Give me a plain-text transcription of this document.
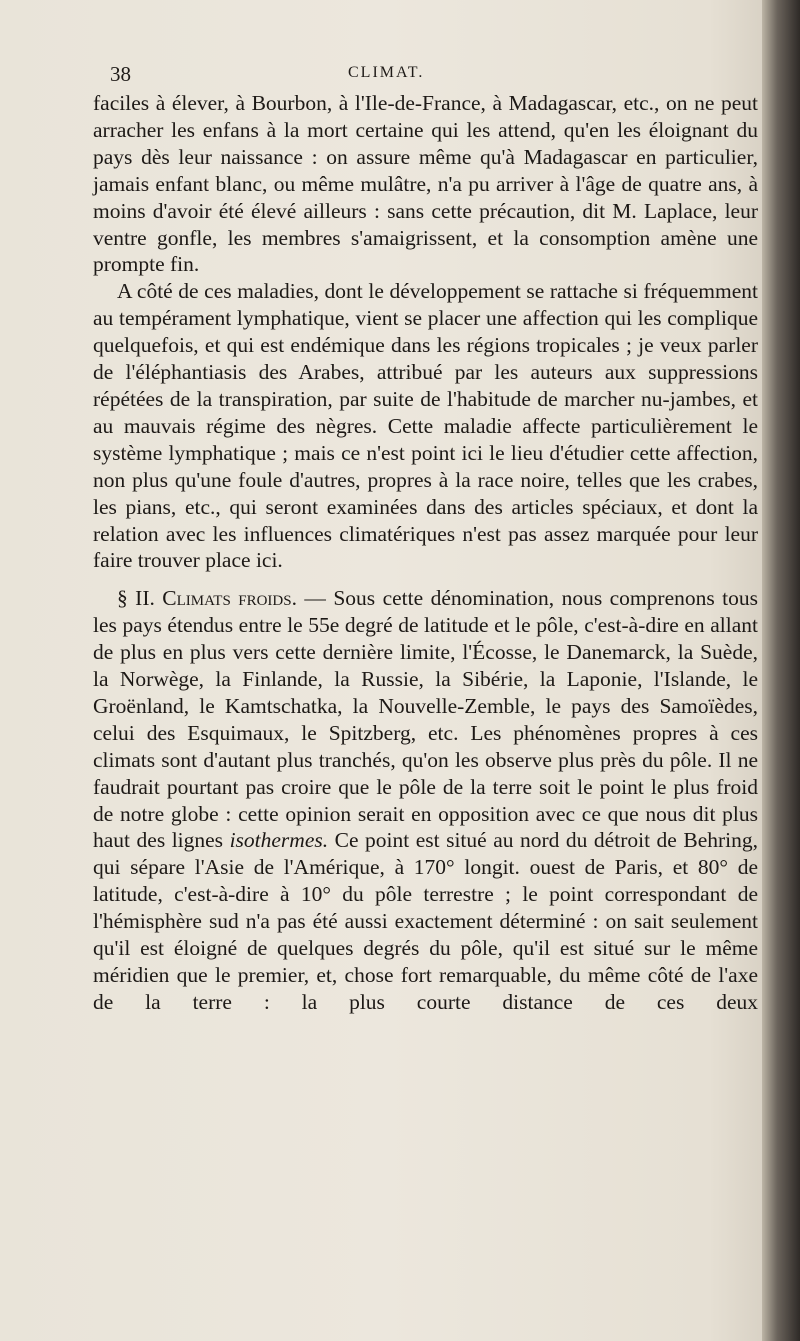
38	CLIMAT.

faciles à élever, à Bourbon, à l'Ile-de-France, à Madagascar, etc., on ne peut arracher les enfans à la mort certaine qui les attend, qu'en les éloignant du pays dès leur naissance : on assure même qu'à Madagascar en particulier, jamais enfant blanc, ou même mulâtre, n'a pu arriver à l'âge de quatre ans, à moins d'avoir été élevé ailleurs : sans cette précaution, dit M. Laplace, leur ventre gonfle, les membres s'amaigrissent, et la consomption amène une prompte fin.

A côté de ces maladies, dont le développement se rattache si fréquemment au tempérament lymphatique, vient se placer une affection qui les complique quelquefois, et qui est endémique dans les régions tropicales ; je veux parler de l'éléphantiasis des Arabes, attribué par les auteurs aux suppressions répétées de la transpiration, par suite de l'habitude de marcher nu-jambes, et au mauvais régime des nègres. Cette maladie affecte particulièrement le système lymphatique ; mais ce n'est point ici le lieu d'étudier cette affection, non plus qu'une foule d'autres, propres à la race noire, telles que les crabes, les pians, etc., qui seront examinées dans des articles spéciaux, et dont la relation avec les influences climatériques n'est pas assez marquée pour leur faire trouver place ici.

§ II. Climats froids. — Sous cette dénomination, nous comprenons tous les pays étendus entre le 55e degré de latitude et le pôle, c'est-à-dire en allant de plus en plus vers cette dernière limite, l'Écosse, le Danemarck, la Suède, la Norwège, la Finlande, la Russie, la Sibérie, la Laponie, l'Islande, le Groënland, le Kamtschatka, la Nouvelle-Zemble, le pays des Samoïèdes, celui des Esquimaux, le Spitzberg, etc. Les phénomènes propres à ces climats sont d'autant plus tranchés, qu'on les observe plus près du pôle. Il ne faudrait pourtant pas croire que le pôle de la terre soit le point le plus froid de notre globe : cette opinion serait en opposition avec ce que nous dit plus haut des lignes isothermes. Ce point est situé au nord du détroit de Behring, qui sépare l'Asie de l'Amérique, à 170° longit. ouest de Paris, et 80° de latitude, c'est-à-dire à 10° du pôle terrestre ; le point correspondant de l'hémisphère sud n'a pas été aussi exactement déterminé : on sait seulement qu'il est éloigné de quelques degrés du pôle, qu'il est situé sur le même méridien que le premier, et, chose fort remarquable, du même côté de l'axe de la terre : la plus courte distance de ces deux
